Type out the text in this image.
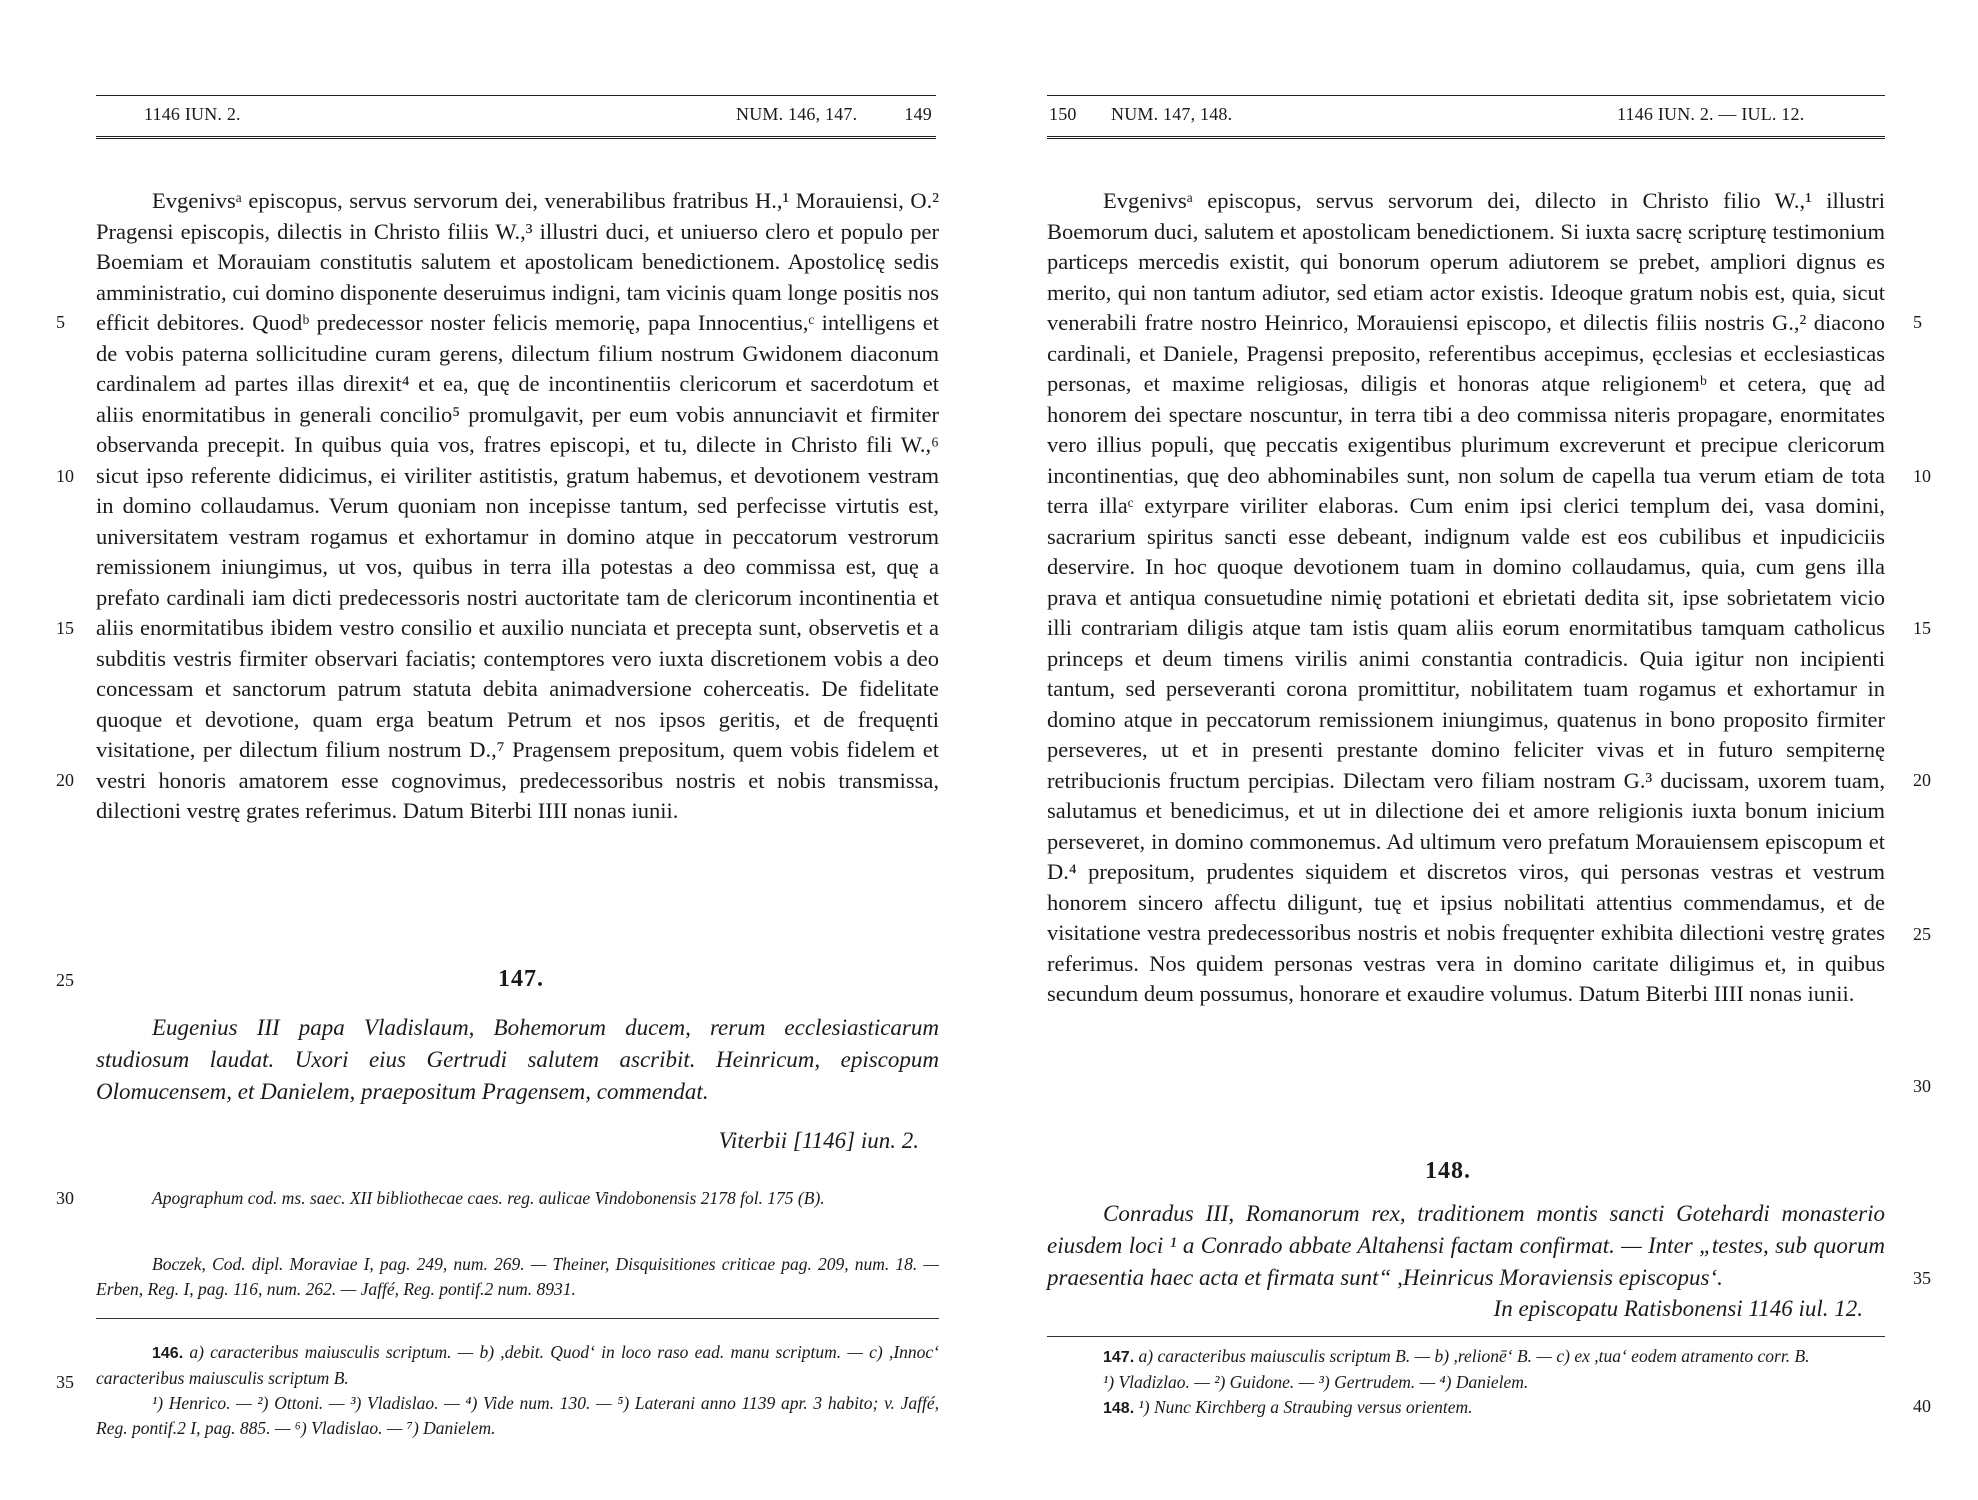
1146 IUN. 2.	NUM. 146, 147.	149
Evgenivsᵃ episcopus, servus servorum dei, venerabilibus fratribus H.,¹ Morauiensi, O.² Pragensi episcopis, dilectis in Christo filiis W.,³ illustri duci, et uniuerso clero et populo per Boemiam et Morauiam constitutis salutem et apostolicam benedictionem. Apostolicę sedis amministratio, cui domino disponente deseruimus indigni, tam vicinis quam longe positis nos efficit debitores. Quodᵇ predecessor noster felicis memorię, papa Innocentius,ᶜ intelligens et de vobis paterna sollicitudine curam gerens, dilectum filium nostrum Gwidonem diaconum cardinalem ad partes illas direxit⁴ et ea, quę de incontinentiis clericorum et sacerdotum et aliis enormitatibus in generali concilio⁵ promulgavit, per eum vobis annunciavit et firmiter observanda precepit. In quibus quia vos, fratres episcopi, et tu, dilecte in Christo fili W.,⁶ sicut ipso referente didicimus, ei viriliter astitistis, gratum habemus, et devotionem vestram in domino collaudamus. Verum quoniam non incepisse tantum, sed perfecisse virtutis est, universitatem vestram rogamus et exhortamur in domino atque in peccatorum vestrorum remissionem iniungimus, ut vos, quibus in terra illa potestas a deo commissa est, quę a prefato cardinali iam dicti predecessoris nostri auctoritate tam de clericorum incontinentia et aliis enormitatibus ibidem vestro consilio et auxilio nunciata et precepta sunt, observetis et a subditis vestris firmiter observari faciatis; contemptores vero iuxta discretionem vobis a deo concessam et sanctorum patrum statuta debita animadversione coherceatis. De fidelitate quoque et devotione, quam erga beatum Petrum et nos ipsos geritis, et de frequęnti visitatione, per dilectum filium nostrum D.,⁷ Pragensem prepositum, quem vobis fidelem et vestri honoris amatorem esse cognovimus, predecessoribus nostris et nobis transmissa, dilectioni vestrę grates referimus. Datum Biterbi IIII nonas iunii.
5
10
15
20
25
30
35
147.
Eugenius III papa Vladislaum, Bohemorum ducem, rerum ecclesiasticarum studiosum laudat. Uxori eius Gertrudi salutem ascribit. Heinricum, episcopum Olomucensem, et Danielem, praepositum Pragensem, commendat.
Viterbii [1146] iun. 2.
Apographum cod. ms. saec. XII bibliothecae caes. reg. aulicae Vindobonensis 2178 fol. 175 (B).
Boczek, Cod. dipl. Moraviae I, pag. 249, num. 269. — Theiner, Disquisitiones criticae pag. 209, num. 18. — Erben, Reg. I, pag. 116, num. 262. — Jaffé, Reg. pontif.2 num. 8931.
146. a) caracteribus maiusculis scriptum. — b) ,debit. Quod‘ in loco raso ead. manu scriptum. — c) ,Innoc‘ caracteribus maiusculis scriptum B.
¹) Henrico. — ²) Ottoni. — ³) Vladislao. — ⁴) Vide num. 130. — ⁵) Laterani anno 1139 apr. 3 habito; v. Jaffé, Reg. pontif.2 I, pag. 885. — ⁶) Vladislao. — ⁷) Danielem.
150 NUM. 147, 148.	1146 IUN. 2. — IUL. 12.
Evgenivsᵃ episcopus, servus servorum dei, dilecto in Christo filio W.,¹ illustri Boemorum duci, salutem et apostolicam benedictionem. Si iuxta sacrę scripturę testimonium particeps mercedis existit, qui bonorum operum adiutorem se prebet, ampliori dignus es merito, qui non tantum adiutor, sed etiam actor existis. Ideoque gratum nobis est, quia, sicut venerabili fratre nostro Heinrico, Morauiensi episcopo, et dilectis filiis nostris G.,² diacono cardinali, et Daniele, Pragensi preposito, referentibus accepimus, ęcclesias et ecclesiasticas personas, et maxime religiosas, diligis et honoras atque religionemᵇ et cetera, quę ad honorem dei spectare noscuntur, in terra tibi a deo commissa niteris propagare, enormitates vero illius populi, quę peccatis exigentibus plurimum excreverunt et precipue clericorum incontinentias, quę deo abhominabiles sunt, non solum de capella tua verum etiam de tota terra illaᶜ extyrpare viriliter elaboras. Cum enim ipsi clerici templum dei, vasa domini, sacrarium spiritus sancti esse debeant, indignum valde est eos cubilibus et inpudiciciis deservire. In hoc quoque devotionem tuam in domino collaudamus, quia, cum gens illa prava et antiqua consuetudine nimię potationi et ebrietati dedita sit, ipse sobrietatem vicio illi contrariam diligis atque tam istis quam aliis eorum enormitatibus tamquam catholicus princeps et deum timens virilis animi constantia contradicis. Quia igitur non incipienti tantum, sed perseveranti corona promittitur, nobilitatem tuam rogamus et exhortamur in domino atque in peccatorum remissionem iniungimus, quatenus in bono proposito firmiter perseveres, ut et in presenti prestante domino feliciter vivas et in futuro sempiternę retribucionis fructum percipias. Dilectam vero filiam nostram G.³ ducissam, uxorem tuam, salutamus et benedicimus, et ut in dilectione dei et amore religionis iuxta bonum inicium perseveret, in domino commonemus. Ad ultimum vero prefatum Morauiensem episcopum et D.⁴ prepositum, prudentes siquidem et discretos viros, qui personas vestras et vestrum honorem sincero affectu diligunt, tuę et ipsius nobilitati attentius commendamus, et de visitatione vestra predecessoribus nostris et nobis frequęnter exhibita dilectioni vestrę grates referimus. Nos quidem personas vestras vera in domino caritate diligimus et, in quibus secundum deum possumus, honorare et exaudire volumus. Datum Biterbi IIII nonas iunii.
5
10
15
20
25
30
35
40
148.
Conradus III, Romanorum rex, traditionem montis sancti Gotehardi monasterio eiusdem loci ¹ a Conrado abbate Altahensi factam confirmat. — Inter „testes, sub quorum praesentia haec acta et firmata sunt“ ,Heinricus Moraviensis episcopus‘.
In episcopatu Ratisbonensi 1146 iul. 12.
147. a) caracteribus maiusculis scriptum B. — b) ,relionē‘ B. — c) ex ,tua‘ eodem atramento corr. B.
¹) Vladizlao. — ²) Guidone. — ³) Gertrudem. — ⁴) Danielem.
148. ¹) Nunc Kirchberg a Straubing versus orientem.
